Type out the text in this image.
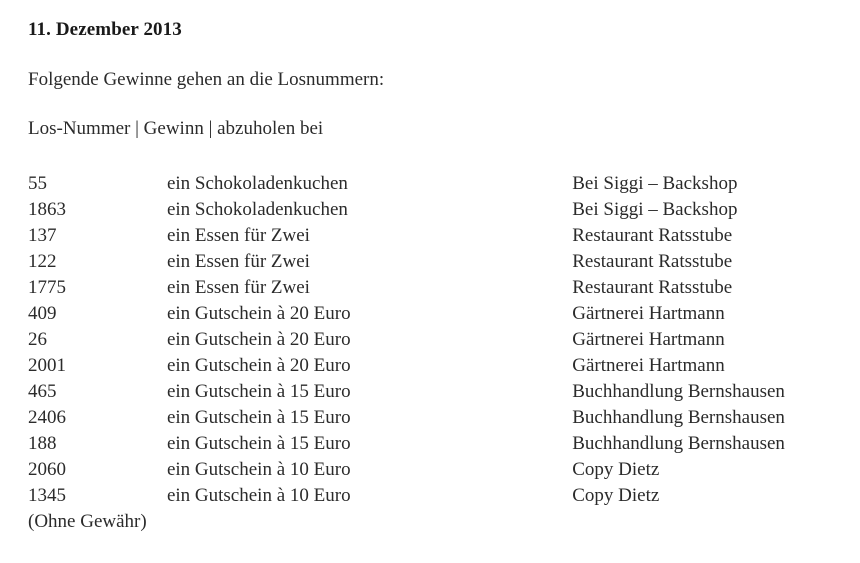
11. Dezember 2013

Folgende Gewinne gehen an die Losnummern:

Los-Nummer | Gewinn | abzuholen bei

55	ein Schokoladenkuchen	Bei Siggi – Backshop
1863	ein Schokoladenkuchen	Bei Siggi – Backshop
137	ein Essen für Zwei	Restaurant Ratsstube
122	ein Essen für Zwei	Restaurant Ratsstube
1775	ein Essen für Zwei	Restaurant Ratsstube
409	ein Gutschein à 20 Euro	Gärtnerei Hartmann
26	ein Gutschein à 20 Euro	Gärtnerei Hartmann
2001	ein Gutschein à 20 Euro	Gärtnerei Hartmann
465	ein Gutschein à 15 Euro	Buchhandlung Bernshausen
2406	ein Gutschein à 15 Euro	Buchhandlung Bernshausen
188	ein Gutschein à 15 Euro	Buchhandlung Bernshausen
2060	ein Gutschein à 10 Euro	Copy Dietz
1345	ein Gutschein à 10 Euro	Copy Dietz
(Ohne Gewähr)
